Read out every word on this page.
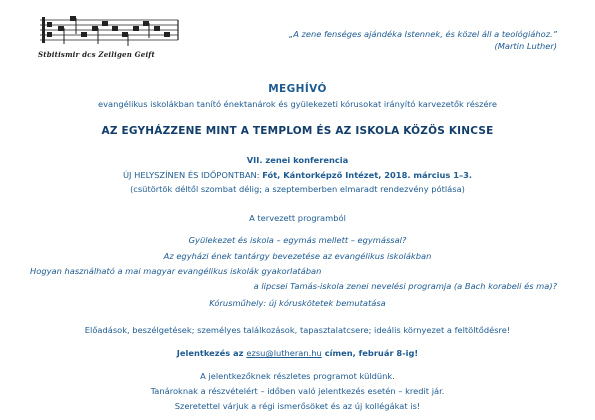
Stbitismir dcs Zeiligen Geift
„A zene fenséges ajándéka Istennek, és közel áll a teológiához.”
(Martin Luther)
MEGHÍVÓ
evangélikus iskolákban tanító énektanárok és gyülekezeti kórusokat irányító karvezetők részére
AZ EGYHÁZZENE MINT A TEMPLOM ÉS AZ ISKOLA KÖZÖS KINCSE
VII. zenei konferencia
ÚJ HELYSZÍNEN ÉS IDŐPONTBAN: Fót, Kántorképző Intézet, 2018. március 1–3.
(csütörtök déltől szombat délig; a szeptemberben elmaradt rendezvény pótlása)
A tervezett programból
Gyülekezet és iskola – egymás mellett – egymással?
Az egyházi ének tantárgy bevezetése az evangélikus iskolákban
Hogyan használható a mai magyar evangélikus iskolák gyakorlatában
a lipcsei Tamás-iskola zenei nevelési programja (a Bach korabeli és ma)?
Kórusműhely: új kóruskötetek bemutatása
Előadások, beszélgetések; személyes találkozások, tapasztalatcsere; ideális környezet a feltöltődésre!
Jelentkezés az ezsu@lutheran.hu címen, február 8-ig!
A jelentkezőknek részletes programot küldünk.
Tanároknak a részvételért – időben való jelentkezés esetén – kredit jár.
Szeretettel várjuk a régi ismerősöket és az új kollégákat is!
